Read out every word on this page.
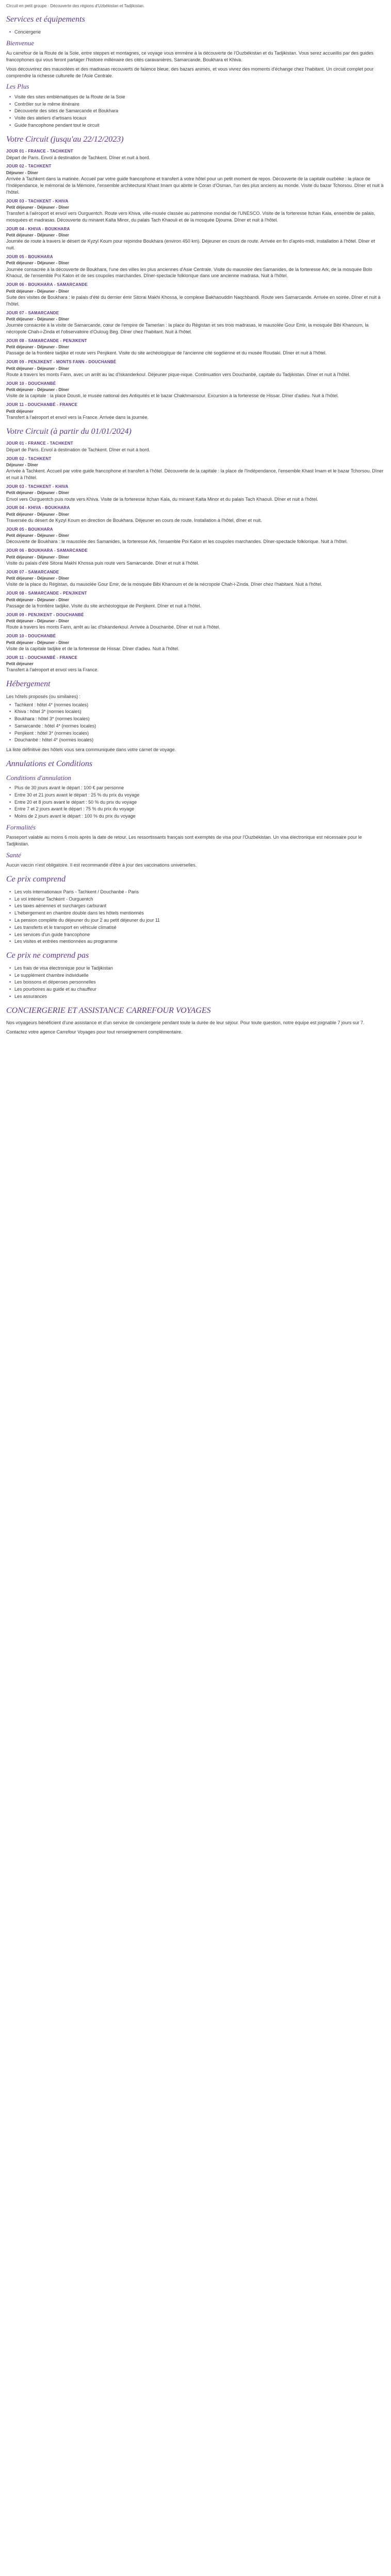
Circuit en petit groupe · Découverte des régions d'Uzbékistan et Tadjikistan.
Services et équipements
• Conciergerie
Bienvenue
Au carrefour de la Route de la Soie, entre steppes et montagnes, ce voyage vous emmène à la découverte de l'Ouzbékistan et du Tadjikistan. Vous serez accueillis par des guides francophones qui vous feront partager l'histoire millénaire des cités caravanières, Samarcande, Boukhara et Khiva.
Vous découvrirez des mausolées et des madrasas recouverts de faïence bleue, des bazars animés, et vous vivrez des moments d'échange chez l'habitant. Un circuit complet pour comprendre la richesse culturelle de l'Asie Centrale.
Les Plus
• Visite des sites emblématiques de la Route de la Soie
• Contrôler sur le même itinéraire
• Découverte des sites de Samarcande et Boukhara
• Visite des ateliers d'artisans locaux
• Guide francophone pendant tout le circuit
Votre Circuit (jusqu'au 22/12/2023)
JOUR 01 - FRANCE - TACHKENT
Départ de Paris. Envol à destination de Tachkent. Dîner et nuit à bord.
JOUR 02 - TACHKENT
Déjeuner - Dîner
Arrivée à Tachkent dans la matinée. Accueil par votre guide francophone et transfert à votre hôtel pour un petit moment de repos. Découverte de la capitale ouzbèke : la place de l'Indépendance, le mémorial de la Mémoire, l'ensemble architectural Khast Imam qui abrite le Coran d'Osman, l'un des plus anciens au monde. Visite du bazar Tchorsou. Dîner et nuit à l'hôtel.
JOUR 03 - TACHKENT - KHIVA
Petit déjeuner - Déjeuner - Dîner
Transfert à l'aéroport et envol vers Ourguentch. Route vers Khiva, ville-musée classée au patrimoine mondial de l'UNESCO. Visite de la forteresse Itchan Kala, ensemble de palais, mosquées et madrasas. Découverte du minaret Kalta Minor, du palais Tach Khaouli et de la mosquée Djouma. Dîner et nuit à l'hôtel.
JOUR 04 - KHIVA - BOUKHARA
Petit déjeuner - Déjeuner - Dîner
Journée de route à travers le désert de Kyzyl Koum pour rejoindre Boukhara (environ 450 km). Déjeuner en cours de route. Arrivée en fin d'après-midi, installation à l'hôtel. Dîner et nuit.
JOUR 05 - BOUKHARA
Petit déjeuner - Déjeuner - Dîner
Journée consacrée à la découverte de Boukhara, l'une des villes les plus anciennes d'Asie Centrale. Visite du mausolée des Samanides, de la forteresse Ark, de la mosquée Bolo Khaouz, de l'ensemble Poi Kalon et de ses coupoles marchandes. Dîner-spectacle folklorique dans une ancienne madrasa. Nuit à l'hôtel.
JOUR 06 - BOUKHARA - SAMARCANDE
Petit déjeuner - Déjeuner - Dîner
Suite des visites de Boukhara : le palais d'été du dernier émir Sitorai Makhi Khossa, le complexe Bakhaouddin Naqchbandi. Route vers Samarcande. Arrivée en soirée. Dîner et nuit à l'hôtel.
JOUR 07 - SAMARCANDE
Petit déjeuner - Déjeuner - Dîner
Journée consacrée à la visite de Samarcande, cœur de l'empire de Tamerlan : la place du Régistan et ses trois madrasas, le mausolée Gour Emir, la mosquée Bibi Khanoum, la nécropole Chah-i-Zinda et l'observatoire d'Ouloug Beg. Dîner chez l'habitant. Nuit à l'hôtel.
JOUR 08 - SAMARCANDE - PENJIKENT
Petit déjeuner - Déjeuner - Dîner
Passage de la frontière tadjike et route vers Penjikent. Visite du site archéologique de l'ancienne cité sogdienne et du musée Roudaki. Dîner et nuit à l'hôtel.
JOUR 09 - PENJIKENT - MONTS FANN - DOUCHANBÉ
Petit déjeuner - Déjeuner - Dîner
Route à travers les monts Fann, avec un arrêt au lac d'Iskanderkoul. Déjeuner pique-nique. Continuation vers Douchanbé, capitale du Tadjikistan. Dîner et nuit à l'hôtel.
JOUR 10 - DOUCHANBÉ
Petit déjeuner - Déjeuner - Dîner
Visite de la capitale : la place Dousti, le musée national des Antiquités et le bazar Chakhmansour. Excursion à la forteresse de Hissar. Dîner d'adieu. Nuit à l'hôtel.
JOUR 11 - DOUCHANBÉ - FRANCE
Petit déjeuner
Transfert à l'aéroport et envol vers la France. Arrivée dans la journée.
Votre Circuit (à partir du 01/01/2024)
JOUR 01 - FRANCE - TACHKENT
Départ de Paris. Envol à destination de Tachkent. Dîner et nuit à bord.
JOUR 02 - TACHKENT
Déjeuner - Dîner
Arrivée à Tachkent. Accueil par votre guide francophone et transfert à l'hôtel. Découverte de la capitale : la place de l'Indépendance, l'ensemble Khast Imam et le bazar Tchorsou. Dîner et nuit à l'hôtel.
JOUR 03 - TACHKENT - KHIVA
Petit déjeuner - Déjeuner - Dîner
Envol vers Ourguentch puis route vers Khiva. Visite de la forteresse Itchan Kala, du minaret Kalta Minor et du palais Tach Khaouli. Dîner et nuit à l'hôtel.
JOUR 04 - KHIVA - BOUKHARA
Petit déjeuner - Déjeuner - Dîner
Traversée du désert de Kyzyl Koum en direction de Boukhara. Déjeuner en cours de route. Installation à l'hôtel, dîner et nuit.
JOUR 05 - BOUKHARA
Petit déjeuner - Déjeuner - Dîner
Découverte de Boukhara : le mausolée des Samanides, la forteresse Ark, l'ensemble Poi Kalon et les coupoles marchandes. Dîner-spectacle folklorique. Nuit à l'hôtel.
JOUR 06 - BOUKHARA - SAMARCANDE
Petit déjeuner - Déjeuner - Dîner
Visite du palais d'été Sitorai Makhi Khossa puis route vers Samarcande. Dîner et nuit à l'hôtel.
JOUR 07 - SAMARCANDE
Petit déjeuner - Déjeuner - Dîner
Visite de la place du Régistan, du mausolée Gour Emir, de la mosquée Bibi Khanoum et de la nécropole Chah-i-Zinda. Dîner chez l'habitant. Nuit à l'hôtel.
JOUR 08 - SAMARCANDE - PENJIKENT
Petit déjeuner - Déjeuner - Dîner
Passage de la frontière tadjike. Visite du site archéologique de Penjikent. Dîner et nuit à l'hôtel.
JOUR 09 - PENJIKENT - DOUCHANBÉ
Petit déjeuner - Déjeuner - Dîner
Route à travers les monts Fann, arrêt au lac d'Iskanderkoul. Arrivée à Douchanbé. Dîner et nuit à l'hôtel.
JOUR 10 - DOUCHANBÉ
Petit déjeuner - Déjeuner - Dîner
Visite de la capitale tadjike et de la forteresse de Hissar. Dîner d'adieu. Nuit à l'hôtel.
JOUR 11 - DOUCHANBÉ - FRANCE
Petit déjeuner
Transfert à l'aéroport et envol vers la France.
Hébergement
Les hôtels proposés (ou similaires) :
• Tachkent : hôtel 4* (normes locales)
• Khiva : hôtel 3* (normes locales)
• Boukhara : hôtel 3* (normes locales)
• Samarcande : hôtel 4* (normes locales)
• Penjikent : hôtel 3* (normes locales)
• Douchanbé : hôtel 4* (normes locales)
La liste définitive des hôtels vous sera communiquée dans votre carnet de voyage.
Annulations et Conditions
Conditions d'annulation
• Plus de 30 jours avant le départ : 100 € par personne
• Entre 30 et 21 jours avant le départ : 25 % du prix du voyage
• Entre 20 et 8 jours avant le départ : 50 % du prix du voyage
• Entre 7 et 2 jours avant le départ : 75 % du prix du voyage
• Moins de 2 jours avant le départ : 100 % du prix du voyage
Formalités
Passeport valable au moins 6 mois après la date de retour. Les ressortissants français sont exemptés de visa pour l'Ouzbékistan. Un visa électronique est nécessaire pour le Tadjikistan.
Santé
Aucun vaccin n'est obligatoire. Il est recommandé d'être à jour des vaccinations universelles.
Ce prix comprend
• Les vols internationaux Paris - Tachkent / Douchanbé - Paris
• Le vol intérieur Tachkent - Ourguentch
• Les taxes aériennes et surcharges carburant
• L'hébergement en chambre double dans les hôtels mentionnés
• La pension complète du déjeuner du jour 2 au petit déjeuner du jour 11
• Les transferts et le transport en véhicule climatisé
• Les services d'un guide francophone
• Les visites et entrées mentionnées au programme
Ce prix ne comprend pas
• Les frais de visa électronique pour le Tadjikistan
• Le supplément chambre individuelle
• Les boissons et dépenses personnelles
• Les pourboires au guide et au chauffeur
• Les assurances
CONCIERGERIE ET ASSISTANCE CARREFOUR VOYAGES
Nos voyageurs bénéficient d'une assistance et d'un service de conciergerie pendant toute la durée de leur séjour. Pour toute question, notre équipe est joignable 7 jours sur 7.
Contactez votre agence Carrefour Voyages pour tout renseignement complémentaire.
